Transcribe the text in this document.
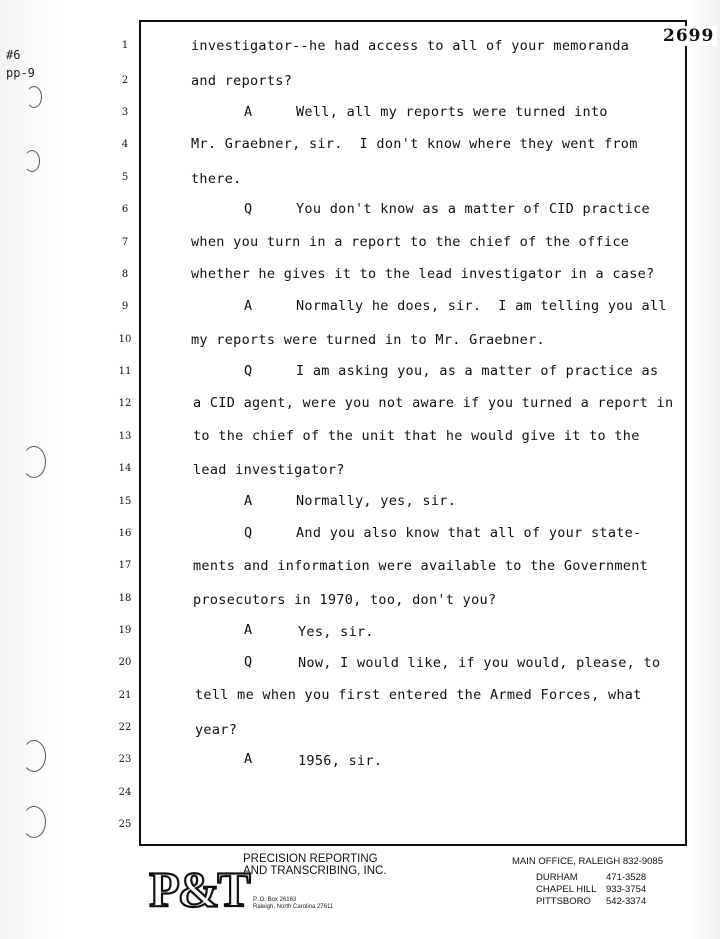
#6
pp-9
2699
1
2
3
4
5
6
7
8
9
10
11
12
13
14
15
16
17
18
19
20
21
22
23
24
25
A
Q
A
Q
A
Q
A
Q
A
investigator--he had access to all of your memoranda
and reports?
Well, all my reports were turned into
Mr. Graebner, sir.  I don't know where they went from
there.
You don't know as a matter of CID practice
when you turn in a report to the chief of the office
whether he gives it to the lead investigator in a case?
Normally he does, sir.  I am telling you all
my reports were turned in to Mr. Graebner.
I am asking you, as a matter of practice as
a CID agent, were you not aware if you turned a report in
to the chief of the unit that he would give it to the
lead investigator?
Normally, yes, sir.
And you also know that all of your state-
ments and information were available to the Government
prosecutors in 1970, too, don't you?
Yes, sir.
Now, I would like, if you would, please, to
tell me when you first entered the Armed Forces, what
year?
1956, sir.
P&T
PRECISION REPORTING
AND TRANSCRIBING, INC.
P. O. Box 26163
Raleigh, North Carolina 27611
MAIN OFFICE, RALEIGH 832-9085
DURHAM	471-3528
CHAPEL HILL 933-3754
PITTSBORO 542-3374
